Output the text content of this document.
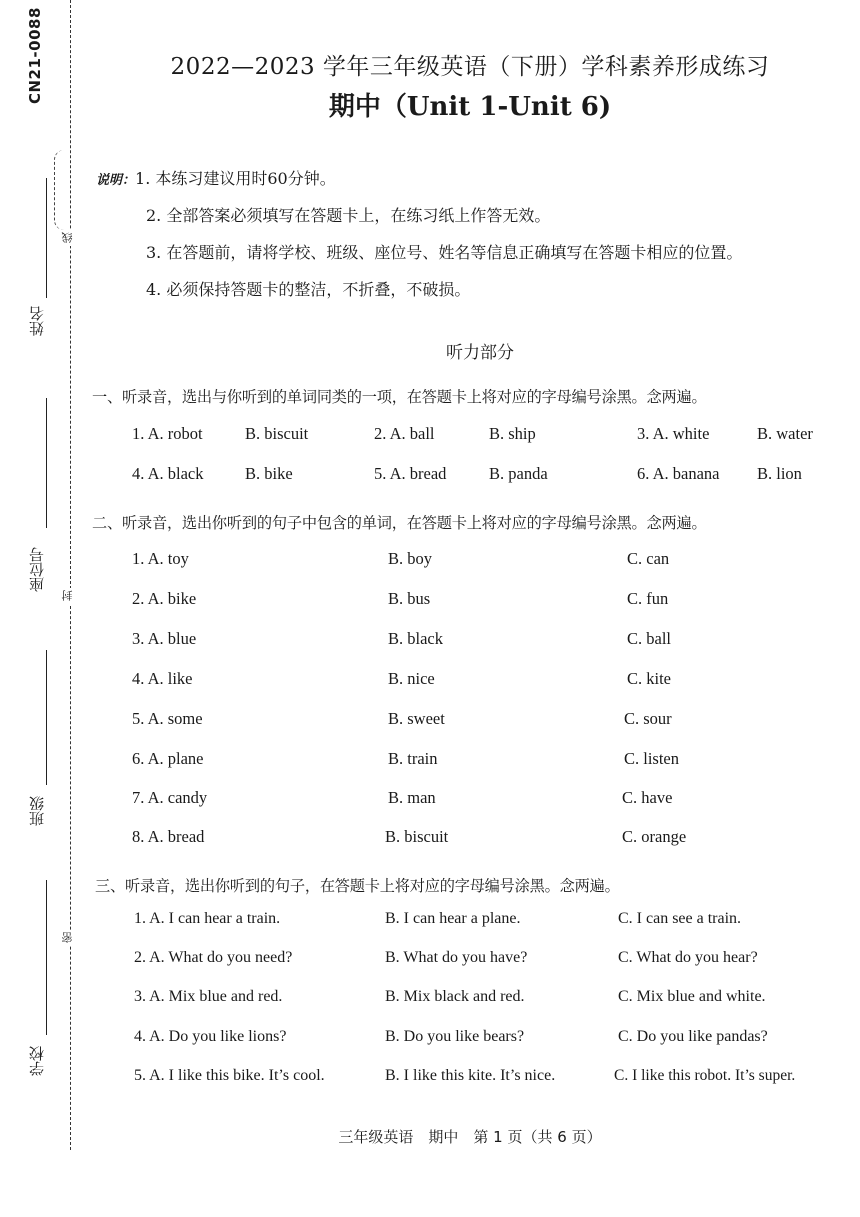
CN21-0088
姓名
线
座位号
封
班级
密
学校
2022—2023 学年三年级英语（下册）学科素养形成练习
期中（Unit 1-Unit 6)
说明：1. 本练习建议用时60分钟。
2. 全部答案必须填写在答题卡上，在练习纸上作答无效。
3. 在答题前，请将学校、班级、座位号、姓名等信息正确填写在答题卡相应的位置。
4. 必须保持答题卡的整洁，不折叠，不破损。
听力部分
一、听录音，选出与你听到的单词同类的一项，在答题卡上将对应的字母编号涂黑。念两遍。
1. A. robot	B. biscuit	2. A. ball	B. ship	3. A. white	B. water
4. A. black	B. bike	5. A. bread	B. panda	6. A. banana B. lion
二、听录音，选出你听到的句子中包含的单词，在答题卡上将对应的字母编号涂黑。念两遍。
1. A. toy	B. boy	C. can
2. A. bike	B. bus	C. fun
3. A. blue	B. black	C. ball
4. A. like	B. nice	C. kite
5. A. some	B. sweet	C. sour
6. A. plane	B. train	C. listen
7. A. candy	B. man	C. have
8. A. bread	B. biscuit	C. orange
三、听录音，选出你听到的句子，在答题卡上将对应的字母编号涂黑。念两遍。
1. A. I can hear a train.	B. I can hear a plane.	C. I can see a train.
2. A. What do you need?	B. What do you have?	C. What do you hear?
3. A. Mix blue and red.	B. Mix black and red.	C. Mix blue and white.
4. A. Do you like lions?	B. Do you like bears?	C. Do you like pandas?
5. A. I like this bike. It’s cool.	B. I like this kite. It’s nice.	C. I like this robot. It’s super.
三年级英语　期中　第 1 页（共 6 页）
